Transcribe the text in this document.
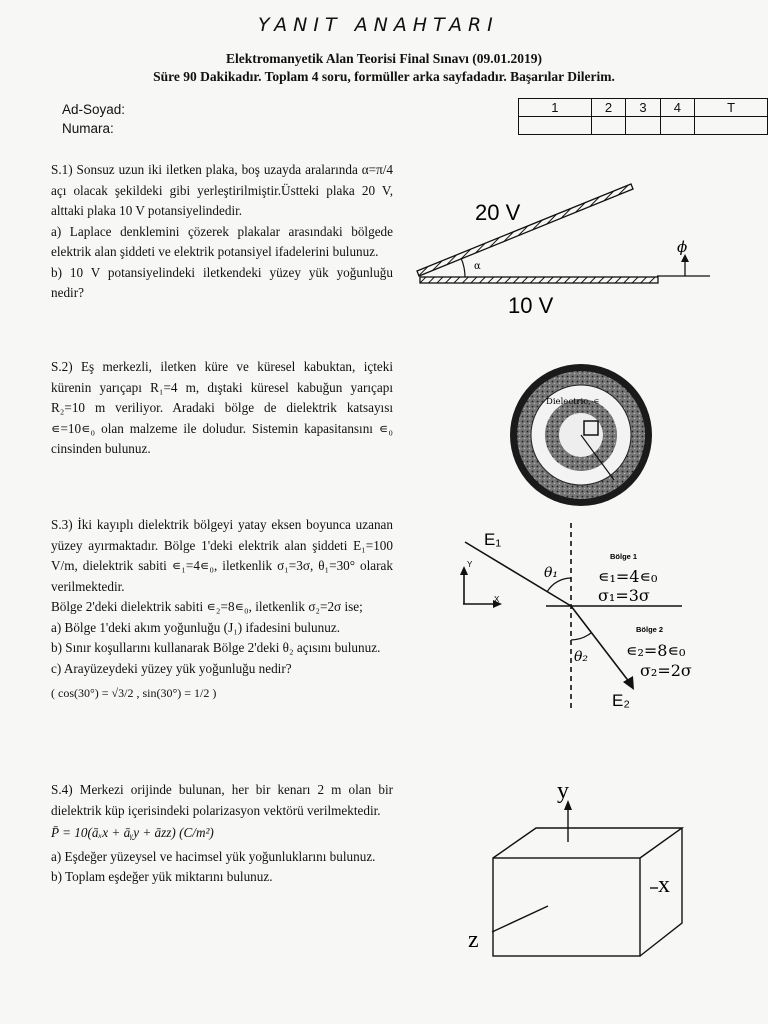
YANIT ANAHTARI
Elektromanyetik Alan Teorisi Final Sınavı (09.01.2019)
Süre 90 Dakikadır. Toplam 4 soru, formüller arka sayfadadır. Başarılar Dilerim.
Ad-Soyad:
Numara:
1	2	3	4	T

S.1) Sonsuz uzun iki iletken plaka, boş uzayda aralarında α=π/4 açı olacak şekildeki gibi yerleştirilmiştir.Üstteki plaka 20 V, alttaki plaka 10 V potansiyelindedir.

a) Laplace denklemini çözerek plakalar arasındaki bölgede elektrik alan şiddeti ve elektrik potansiyel ifadelerini bulunuz.

b) 10 V potansiyelindeki iletkendeki yüzey yük yoğunluğu nedir?

α
ϕ
20 V
10 V

S.2) Eş merkezli, iletken küre ve küresel kabuktan, içteki kürenin yarıçapı R₁=4 m, dıştaki küresel kabuğun yarıçapı R₂=10 m veriliyor. Aradaki bölge de dielektrik katsayısı ∊=10∊₀ olan malzeme ile doludur. Sistemin kapasitansını ∊₀ cinsinden bulunuz.

Dielectric, ∊

S.3) İki kayıplı dielektrik bölgeyi yatay eksen boyunca uzanan yüzey ayırmaktadır. Bölge 1'deki elektrik alan şiddeti E₁=100 V/m, dielektrik sabiti ∊₁=4∊₀, iletkenlik σ₁=3σ, θ₁=30° olarak verilmektedir.

Bölge 2'deki dielektrik sabiti ∊₂=8∊₀, iletkenlik σ₂=2σ ise;

a) Bölge 1'deki akım yoğunluğu (J₁) ifadesini bulunuz.

b) Sınır koşullarını kullanarak Bölge 2'deki θ₂ açısını bulunuz.

c) Arayüzeydeki yüzey yük yoğunluğu nedir?

( cos(30°) = √3/2 , sin(30°) = 1/2 )

Y
X
E₁
θ₁
E₂
θ₂
Bölge 1
∊₁=4∊₀
σ₁=3σ
Bölge 2
∊₂=8∊₀
σ₂=2σ

S.4) Merkezi orijinde bulunan, her bir kenarı 2 m olan bir dielektrik küp içerisindeki polarizasyon vektörü verilmektedir.

P̄ = 10(āₓx + āᵧy + āzz) (C/m²)

a) Eşdeğer yüzeysel ve hacimsel yük yoğunluklarını bulunuz.

b) Toplam eşdeğer yük miktarını bulunuz.

y
x
z
